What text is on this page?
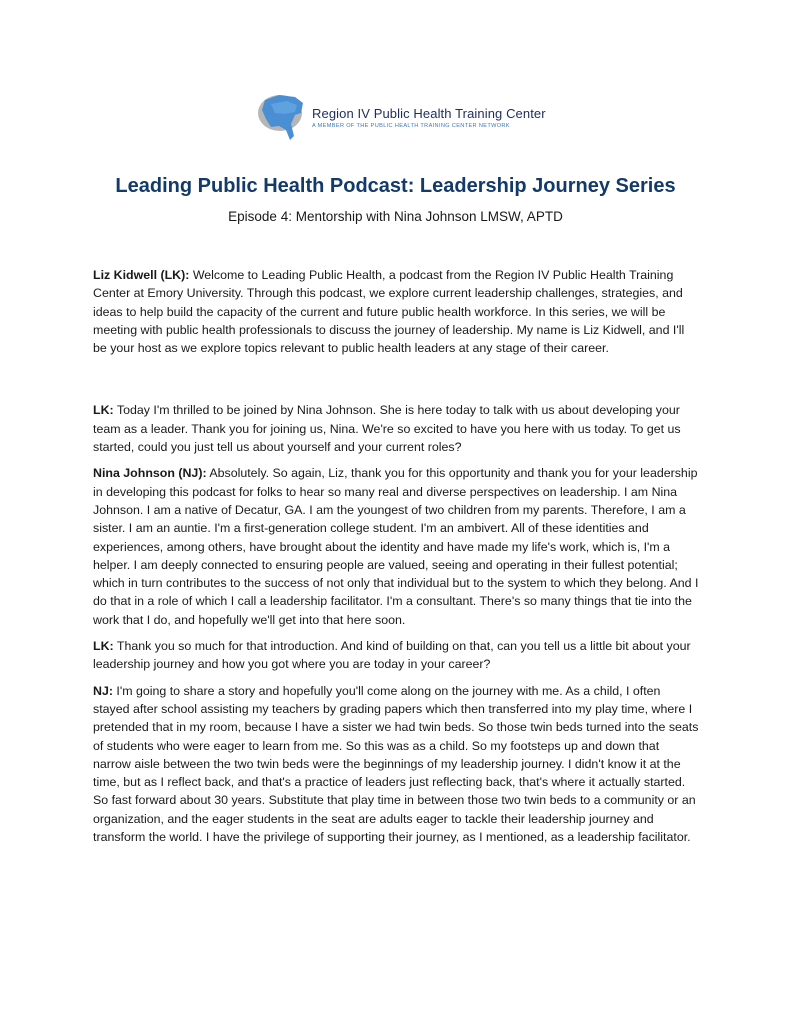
Region IV Public Health Training Center
A MEMBER OF THE PUBLIC HEALTH TRAINING CENTER NETWORK
Leading Public Health Podcast: Leadership Journey Series
Episode 4: Mentorship with Nina Johnson LMSW, APTD

Liz Kidwell (LK): Welcome to Leading Public Health, a podcast from the Region IV Public Health Training Center at Emory University. Through this podcast, we explore current leadership challenges, strategies, and ideas to help build the capacity of the current and future public health workforce. In this series, we will be meeting with public health professionals to discuss the journey of leadership. My name is Liz Kidwell, and I'll be your host as we explore topics relevant to public health leaders at any stage of their career.

LK: Today I'm thrilled to be joined by Nina Johnson. She is here today to talk with us about developing your team as a leader. Thank you for joining us, Nina. We're so excited to have you here with us today. To get us started, could you just tell us about yourself and your current roles?

Nina Johnson (NJ): Absolutely. So again, Liz, thank you for this opportunity and thank you for your leadership in developing this podcast for folks to hear so many real and diverse perspectives on leadership. I am Nina Johnson. I am a native of Decatur, GA. I am the youngest of two children from my parents. Therefore, I am a sister. I am an auntie. I'm a first-generation college student. I'm an ambivert. All of these identities and experiences, among others, have brought about the identity and have made my life's work, which is, I'm a helper. I am deeply connected to ensuring people are valued, seeing and operating in their fullest potential; which in turn contributes to the success of not only that individual but to the system to which they belong. And I do that in a role of which I call a leadership facilitator. I'm a consultant. There's so many things that tie into the work that I do, and hopefully we'll get into that here soon.

LK: Thank you so much for that introduction. And kind of building on that, can you tell us a little bit about your leadership journey and how you got where you are today in your career?

NJ: I'm going to share a story and hopefully you'll come along on the journey with me. As a child, I often stayed after school assisting my teachers by grading papers which then transferred into my play time, where I pretended that in my room, because I have a sister we had twin beds. So those twin beds turned into the seats of students who were eager to learn from me. So this was as a child. So my footsteps up and down that narrow aisle between the two twin beds were the beginnings of my leadership journey. I didn't know it at the time, but as I reflect back, and that's a practice of leaders just reflecting back, that's where it actually started. So fast forward about 30 years. Substitute that play time in between those two twin beds to a community or an organization, and the eager students in the seat are adults eager to tackle their leadership journey and transform the world. I have the privilege of supporting their journey, as I mentioned, as a leadership facilitator.
